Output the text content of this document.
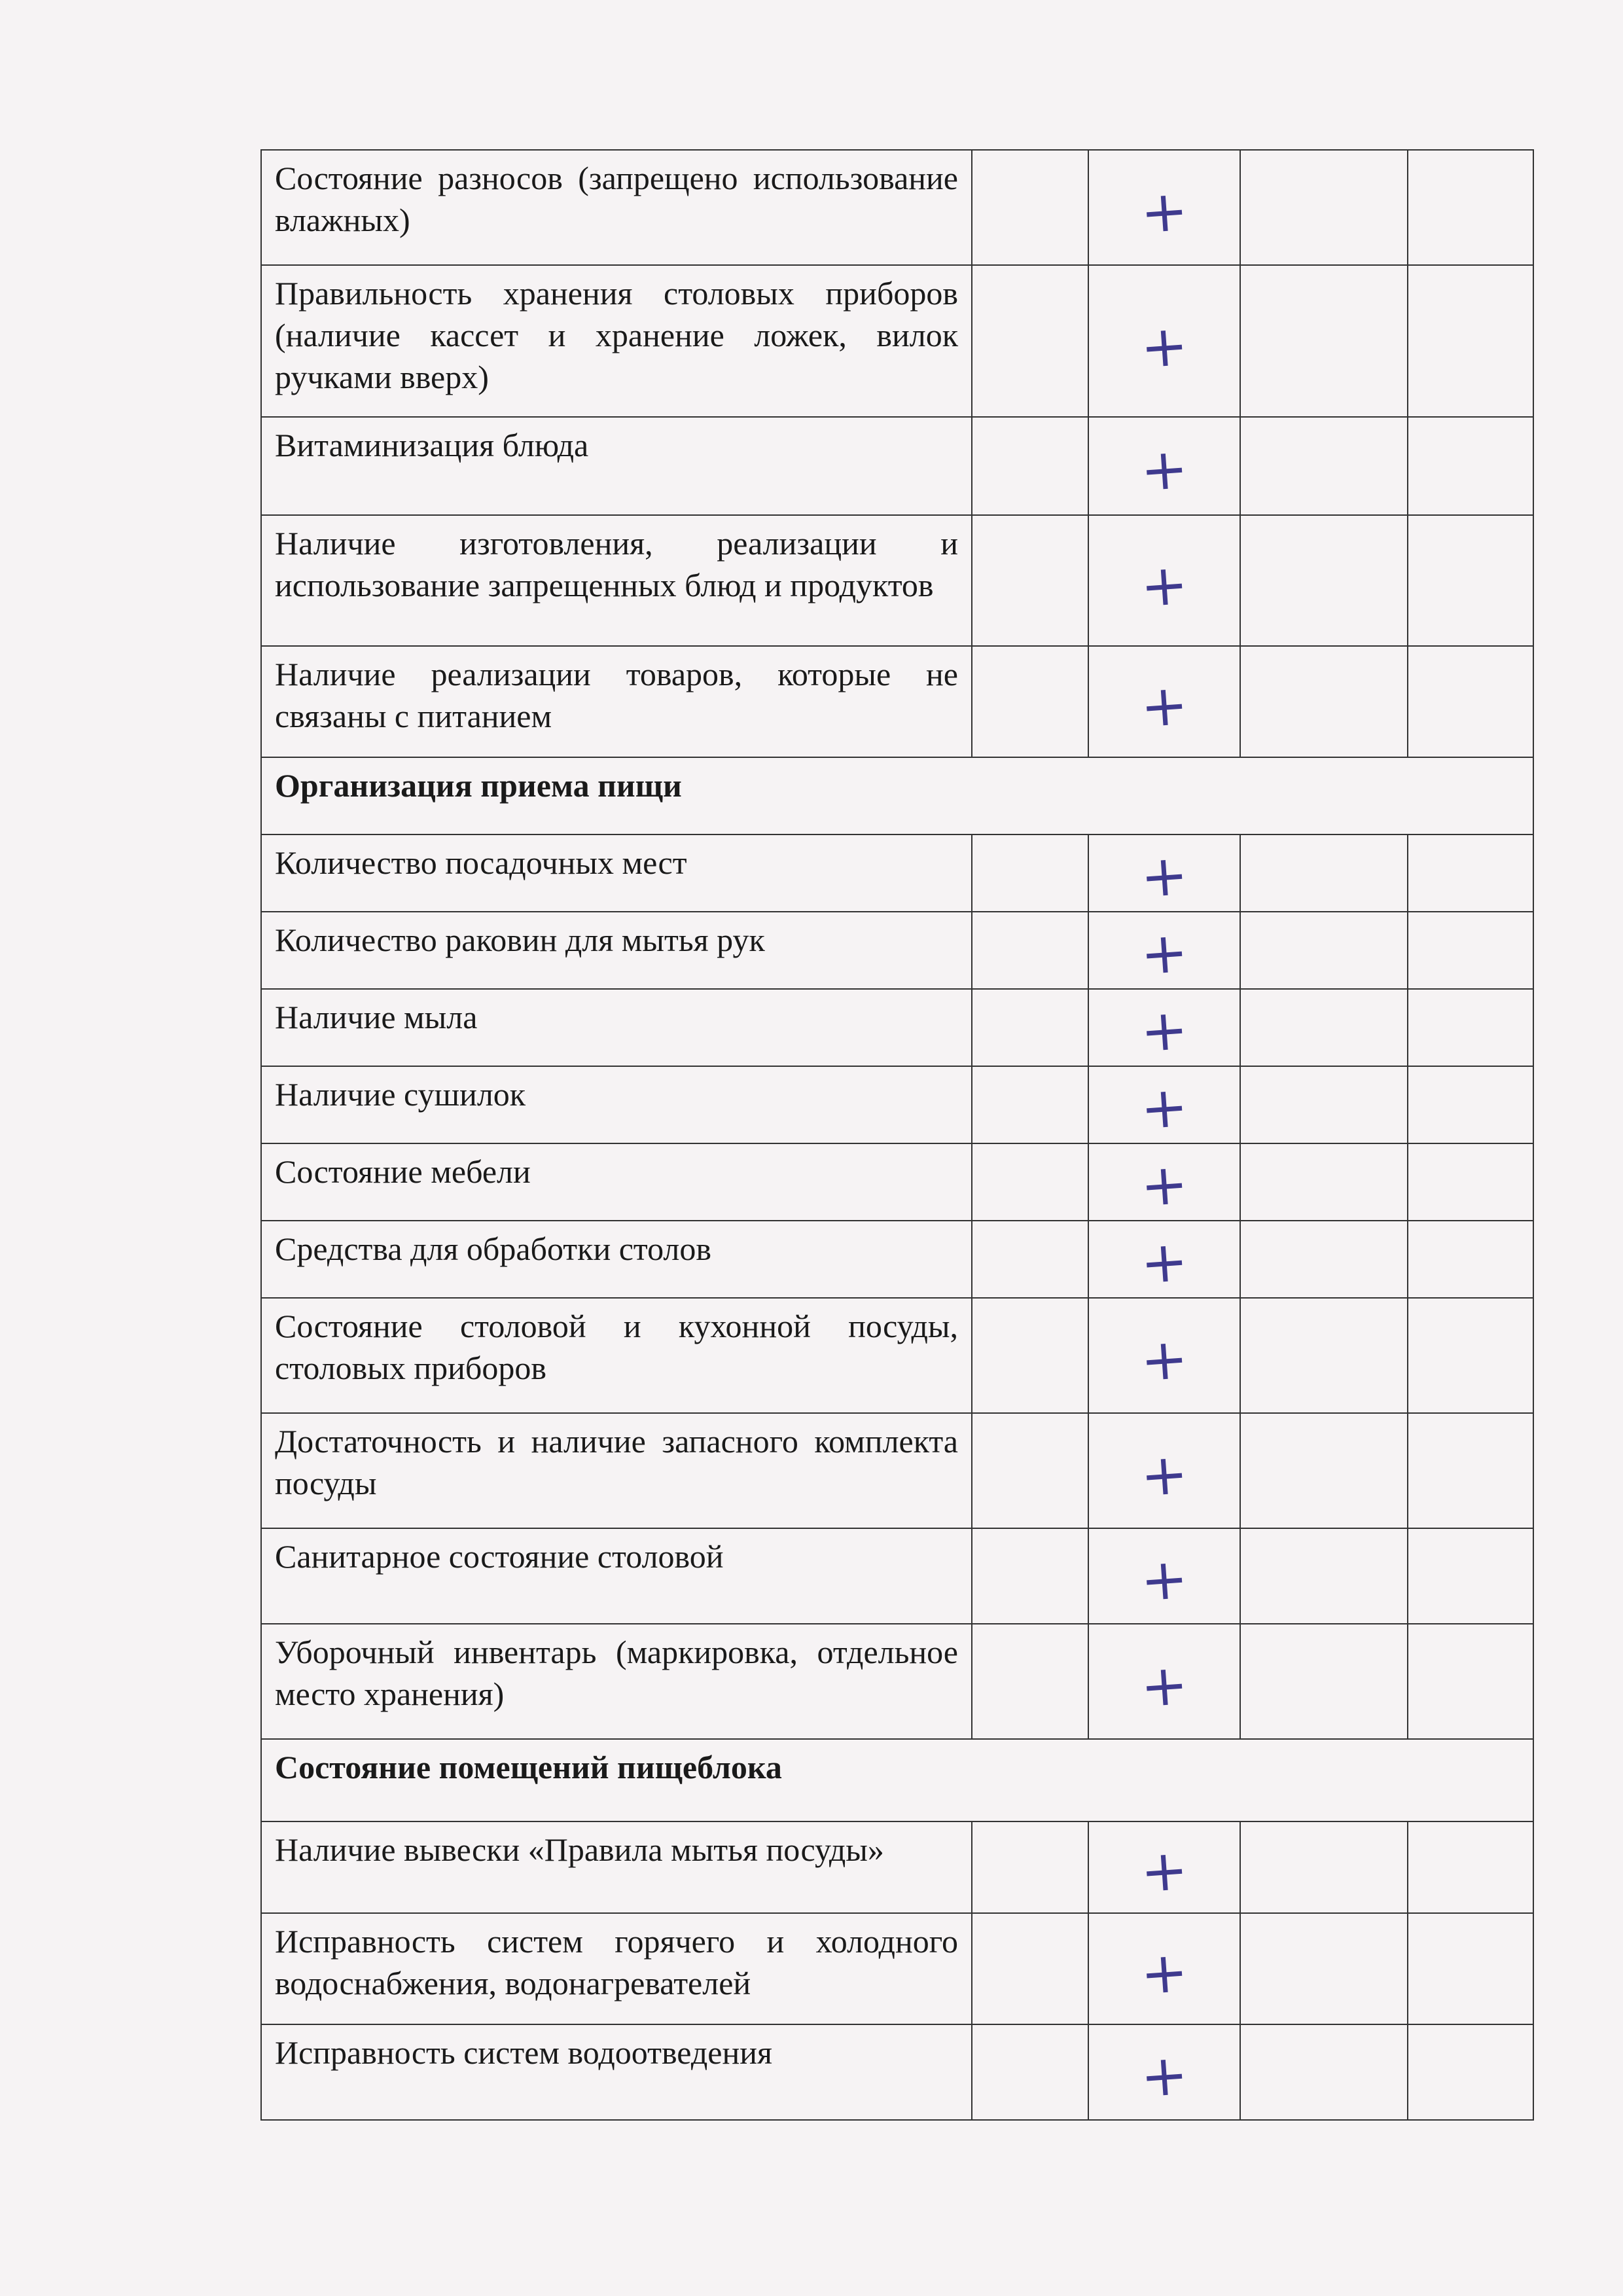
Состояние разносов (запрещено использование влажных)		+		

Правильность хранения столовых приборов (наличие кассет и хранение ложек, вилок ручками вверх)		+		

Витаминизация блюда		+		

Наличие изготовления, реализации и использование запрещенных блюд и продуктов		+		

Наличие реализации товаров, которые не связаны с питанием		+		

Организация приема пищи				
Количество посадочных мест		+		

Количество раковин для мытья рук		+		

Наличие мыла		+		

Наличие сушилок		+		

Состояние мебели		+		

Средства для обработки столов		+		

Состояние столовой и кухонной посуды, столовых приборов		+		

Достаточность и наличие запасного комплекта посуды		+		

Санитарное состояние столовой		+		

Уборочный инвентарь (маркировка, отдельное место хранения)		+		

Состояние помещений пищеблока				
Наличие вывески «Правила мытья посуды»		+		

Исправность систем горячего и холодного водоснабжения, водонагревателей		+		

Исправность систем водоотведения		+		
